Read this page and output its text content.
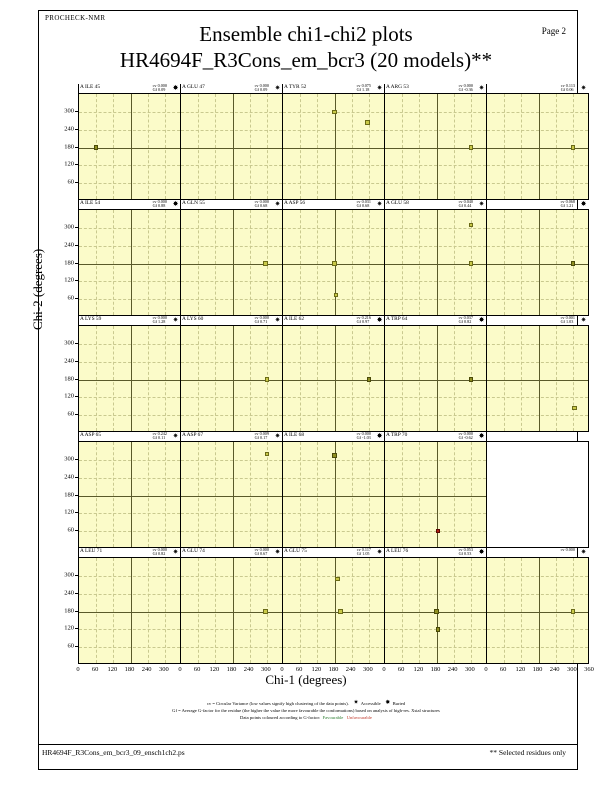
PROCHECK-NMR
Page 2
Ensemble chi1-chi2 plots
HR4694F_R3Cons_em_bcr3 (20 models)**
Chi-2 (degrees)
Chi-1 (degrees)
300
240
180
120
60
300
240
180
120
60
300
240
180
120
60
300
240
180
120
60
300
240
180
120
60
0	60	120	180	240	300	0	60	120	180	240	300	0	60	120	180	240	300	0	60	120	180	240	300	0	60	120	180	240	300	360
A ILE 45	cv 0.000
Gf 0.09 ✸ A GLU 47	cv 0.000
Gf 0.09 ✷ A TYR 52	cv 0.075
Gf 1.18 ✷ A ARG 53	cv 0.000
Gf -0.36 ✷	cv 0.113
Gf 0.06 ✷
A ILE 54	cv 0.000
Gf 0.88 ✸ A GLN 55	cv 0.000
Gf 0.68 ✷ A ASP 56	cv 0.031
Gf 0.68 ✷ A GLU 58	cv 0.040
Gf 0.44 ✷	cv 0.068
Gf 1.21 ✸
A LYS 59	cv 0.000
Gf 1.28 ✷ A LYS 60	cv 0.000
Gf 0.71 ✷ A ILE 62	cv 0.216
Gf 0.97 ✸ A TRP 64	cv 0.037
Gf 0.82 ✸	cv 0.001
Gf 1.03 ✷
A ASP 65	cv 0.242
Gf 0.11 ✷ A ASP 67	cv 0.009
Gf 0.17 ✷ A ILE 68	cv 0.000
Gf -1.03 ✸ A TRP 70	cv 0.000
Gf -0.62 ✸
A LEU 71	cv 0.000
Gf 0.82 ✷ A GLU 74	cv 0.000
Gf 0.67 ✷ A GLU 75	cv 0.117
Gf 1.05 ✷ A LEU 76	cv 0.053
Gf 0.53 ✸	cv 0.000 ✷
cv = Circular Variance (low values signify high clustering of the data points). ✷ Accessible ✸ Buried
Gf = Average G-factor for the residue (the higher the value the more favourable the conformations) based on analysis of high-res. Xstal structures
Data points coloured according to G-factor: Favourable Unfavourable
HR4694F_R3Cons_em_bcr3_09_ensch1ch2.ps	** Selected residues only
